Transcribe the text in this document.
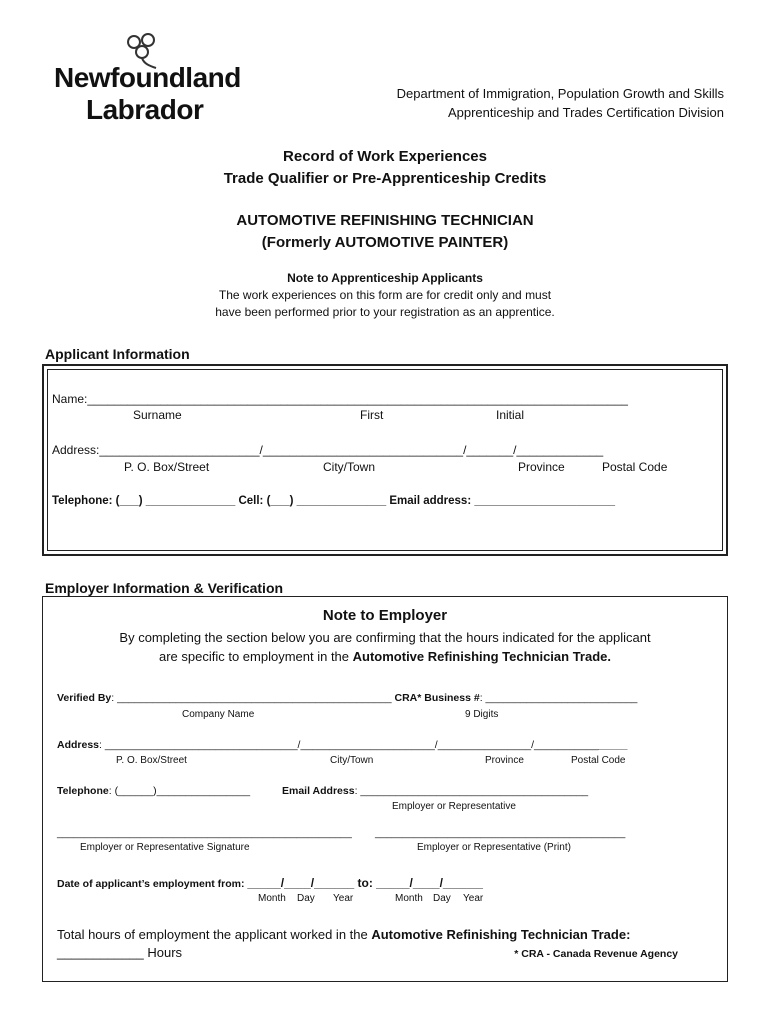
Newfoundland
Labrador
Department of Immigration, Population Growth and Skills
Apprenticeship and Trades Certification Division
Record of Work Experiences
Trade Qualifier or Pre-Apprenticeship Credits
AUTOMOTIVE REFINISHING TECHNICIAN
(Formerly AUTOMOTIVE PAINTER)
Note to Apprenticeship Applicants
The work experiences on this form are for credit only and must
have been performed prior to your registration as an apprentice.
Applicant Information
Name:_________________________________________________________________________________
Surname	First	Initial
Address:________________________/______________________________/_______/_____________
P. O. Box/Street	City/Town	Province	Postal Code
Telephone: (___) ______________ Cell: (___) ______________ Email address: ______________________
Employer Information & Verification
Note to Employer
By completing the section below you are confirming that the hours indicated for the applicant
are specific to employment in the Automotive Refinishing Technician Trade.
Verified By: _______________________________________________ CRA* Business #: __________________________
Company Name	9 Digits
Address: _________________________________/_______________________/________________/________________
P. O. Box/Street	City/Town	Province	Postal Code
Telephone: (______)________________	Email Address: _______________________________________
Employer or Representative
_____________________________________________________ _____________________________________________
Employer or Representative Signature	Employer or Representative (Print)
Date of applicant’s employment from: _____/____/______ to: _____/____/______
Month Day Year	Month Day Year
Total hours of employment the applicant worked in the Automotive Refinishing Technician Trade:
____________ Hours	* CRA - Canada Revenue Agency
